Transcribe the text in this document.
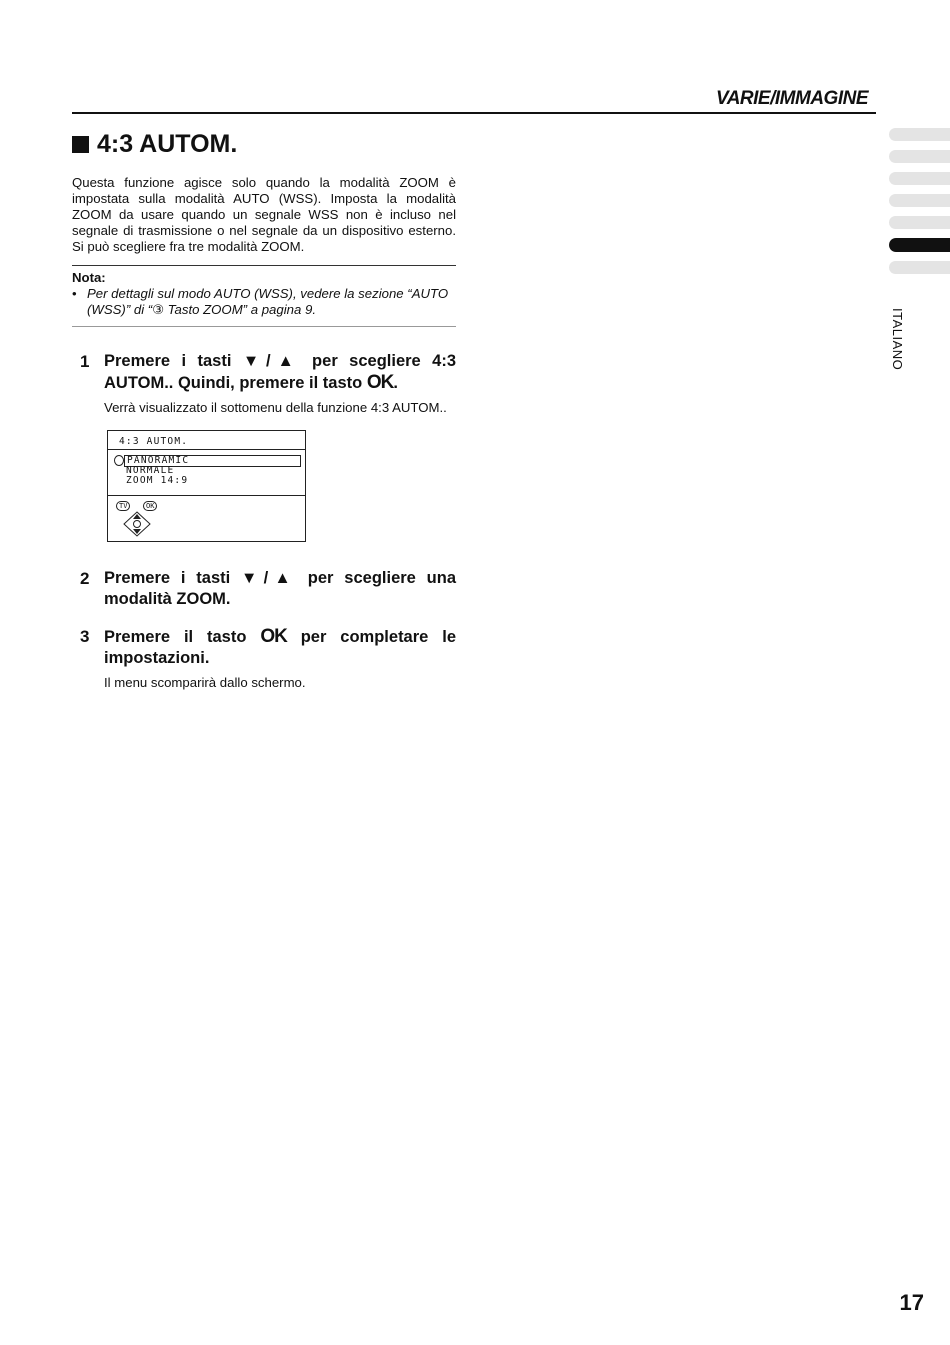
VARIE/IMMAGINE
ITALIANO
4:3 AUTOM.

Questa funzione agisce solo quando la modalità ZOOM è impostata sulla modalità AUTO (WSS). Imposta la modalità ZOOM da usare quando un segnale WSS non è incluso nel segnale di trasmissione o nel segnale da un dispositivo esterno. Si può scegliere fra tre modalità ZOOM.

Nota:
• Per dettagli sul modo AUTO (WSS), vedere la sezione “AUTO (WSS)” di “③ Tasto ZOOM” a pagina 9.
1 Premere i tasti ▼/▲ per scegliere 4:3 AUTOM.. Quindi, premere il tasto OK.
Verrà visualizzato il sottomenu della funzione 4:3 AUTOM..
4:3 AUTOM.
PANORAMIC
NORMALE
ZOOM 14:9
TV	OK
2 Premere i tasti ▼/▲ per scegliere una modalità ZOOM.
3 Premere il tasto OK per completare le impostazioni.
Il menu scomparirà dallo schermo.
17
